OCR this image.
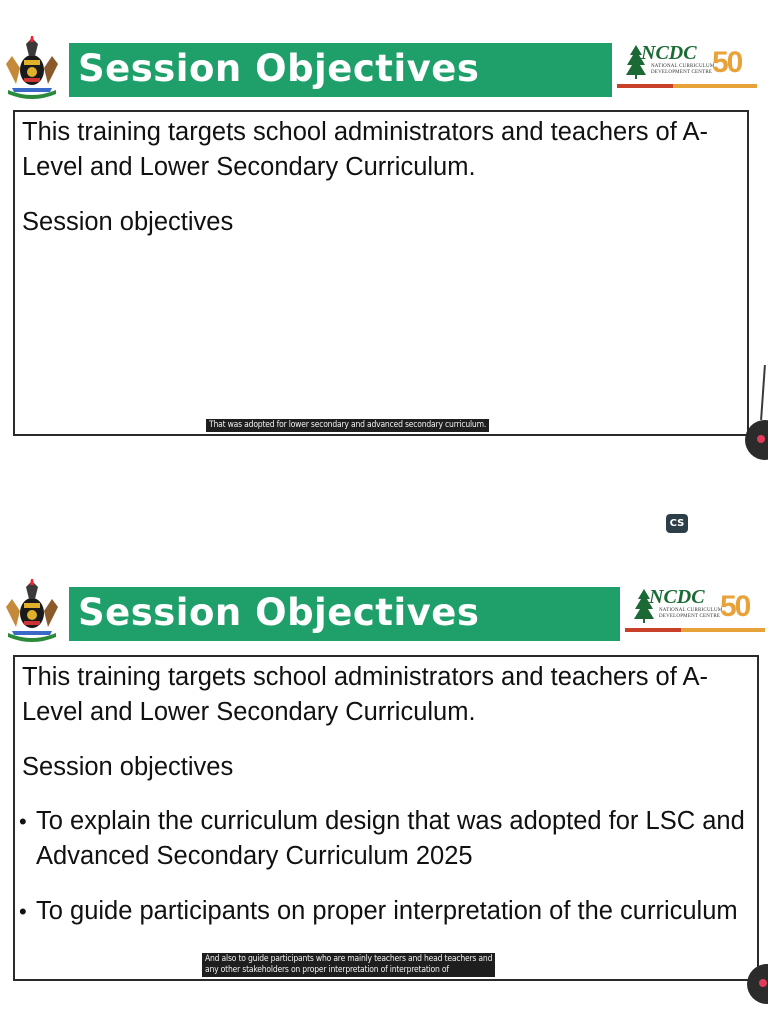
Session Objectives	NCDC
NATIONAL CURRICULUM DEVELOPMENT CENTRE 50

This training targets school administrators and teachers of A-Level and Lower Secondary Curriculum.

Session objectives

That was adopted for lower secondary and advanced secondary curriculum.
CS
Session Objectives	NCDC
NATIONAL CURRICULUM DEVELOPMENT CENTRE 50

This training targets school administrators and teachers of A-Level and Lower Secondary Curriculum.

Session objectives

• To explain the curriculum design that was adopted for LSC and Advanced Secondary Curriculum 2025
• To guide participants on proper interpretation of the curriculum
And also to guide participants who are mainly teachers and head teachers and
any other stakeholders on proper interpretation of interpretation of
